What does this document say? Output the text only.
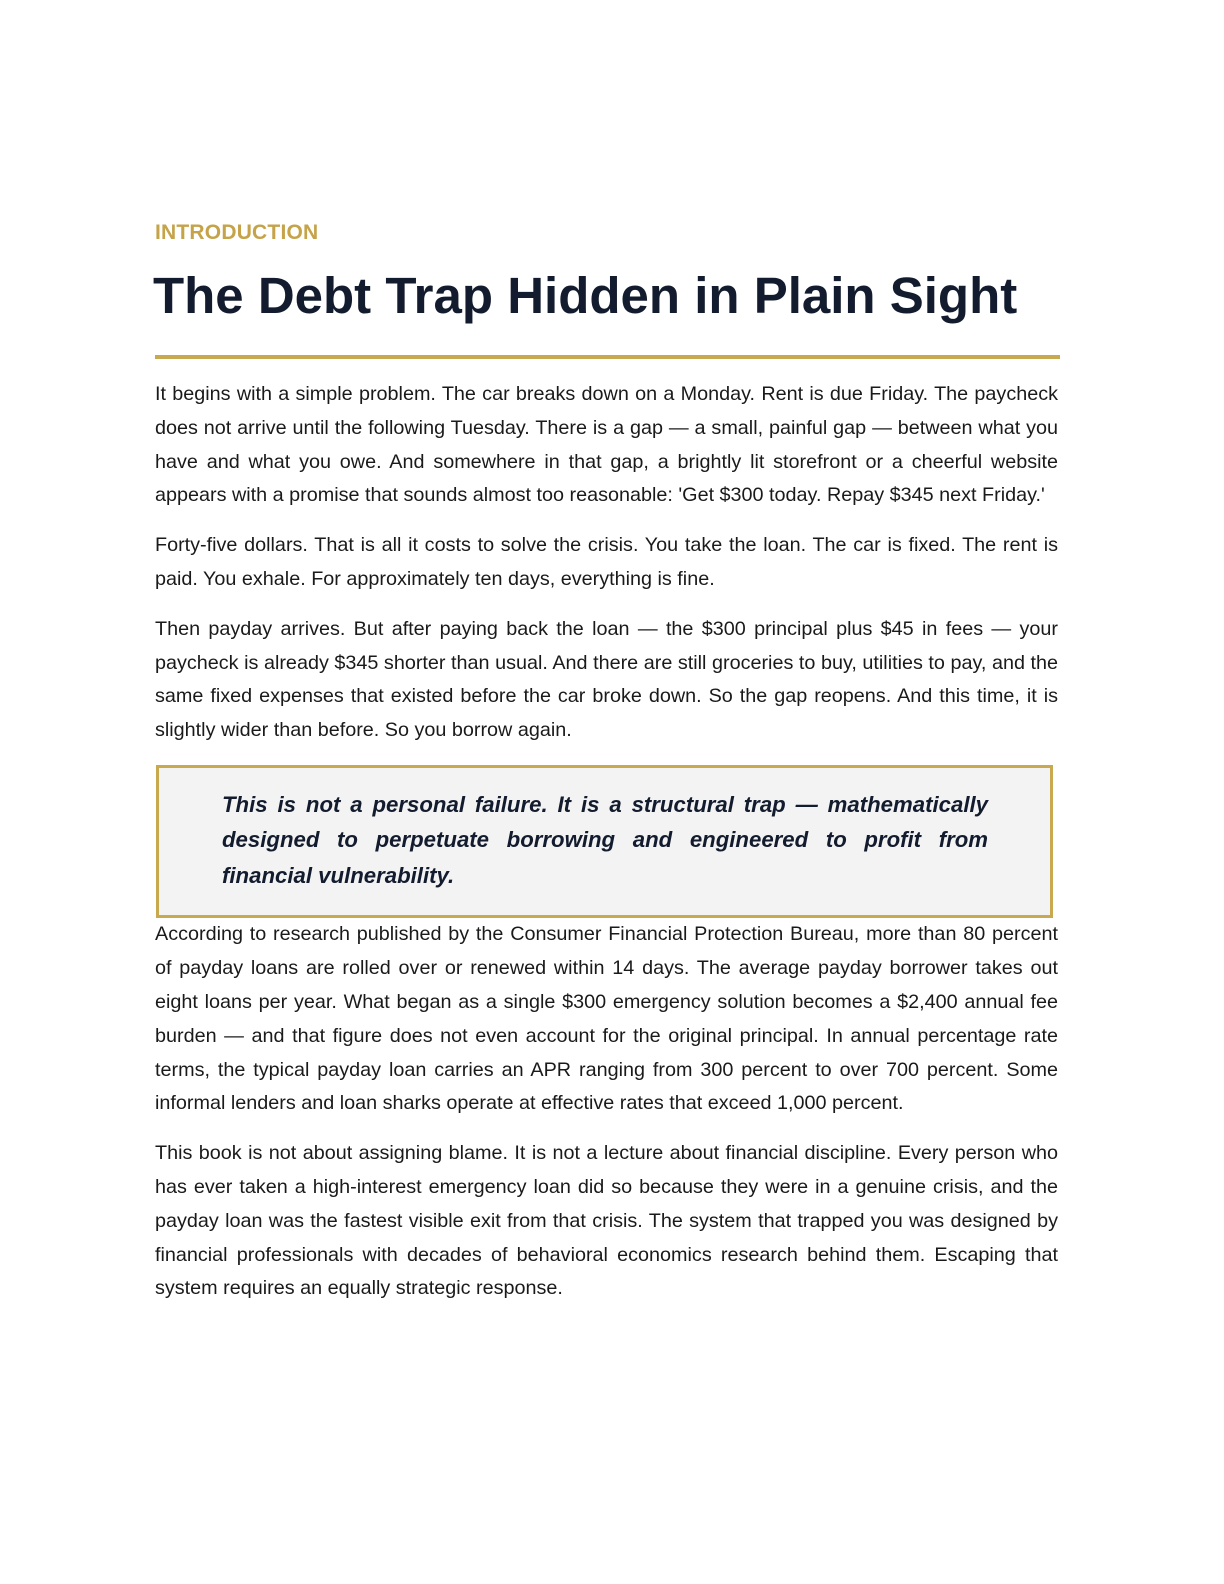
INTRODUCTION

The Debt Trap Hidden in Plain Sight

It begins with a simple problem. The car breaks down on a Monday. Rent is due Friday. The paycheck does not arrive until the following Tuesday. There is a gap — a small, painful gap — between what you have and what you owe. And somewhere in that gap, a brightly lit storefront or a cheerful website appears with a promise that sounds almost too reasonable: 'Get $300 today. Repay $345 next Friday.'

Forty-five dollars. That is all it costs to solve the crisis. You take the loan. The car is fixed. The rent is paid. You exhale. For approximately ten days, everything is fine.

Then payday arrives. But after paying back the loan — the $300 principal plus $45 in fees — your paycheck is already $345 shorter than usual. And there are still groceries to buy, utilities to pay, and the same fixed expenses that existed before the car broke down. So the gap reopens. And this time, it is slightly wider than before. So you borrow again.

This is not a personal failure. It is a structural trap — mathematically designed to perpetuate borrowing and engineered to profit from financial vulnerability.

According to research published by the Consumer Financial Protection Bureau, more than 80 percent of payday loans are rolled over or renewed within 14 days. The average payday borrower takes out eight loans per year. What began as a single $300 emergency solution becomes a $2,400 annual fee burden — and that figure does not even account for the original principal. In annual percentage rate terms, the typical payday loan carries an APR ranging from 300 percent to over 700 percent. Some informal lenders and loan sharks operate at effective rates that exceed 1,000 percent.

This book is not about assigning blame. It is not a lecture about financial discipline. Every person who has ever taken a high-interest emergency loan did so because they were in a genuine crisis, and the payday loan was the fastest visible exit from that crisis. The system that trapped you was designed by financial professionals with decades of behavioral economics research behind them. Escaping that system requires an equally strategic response.
